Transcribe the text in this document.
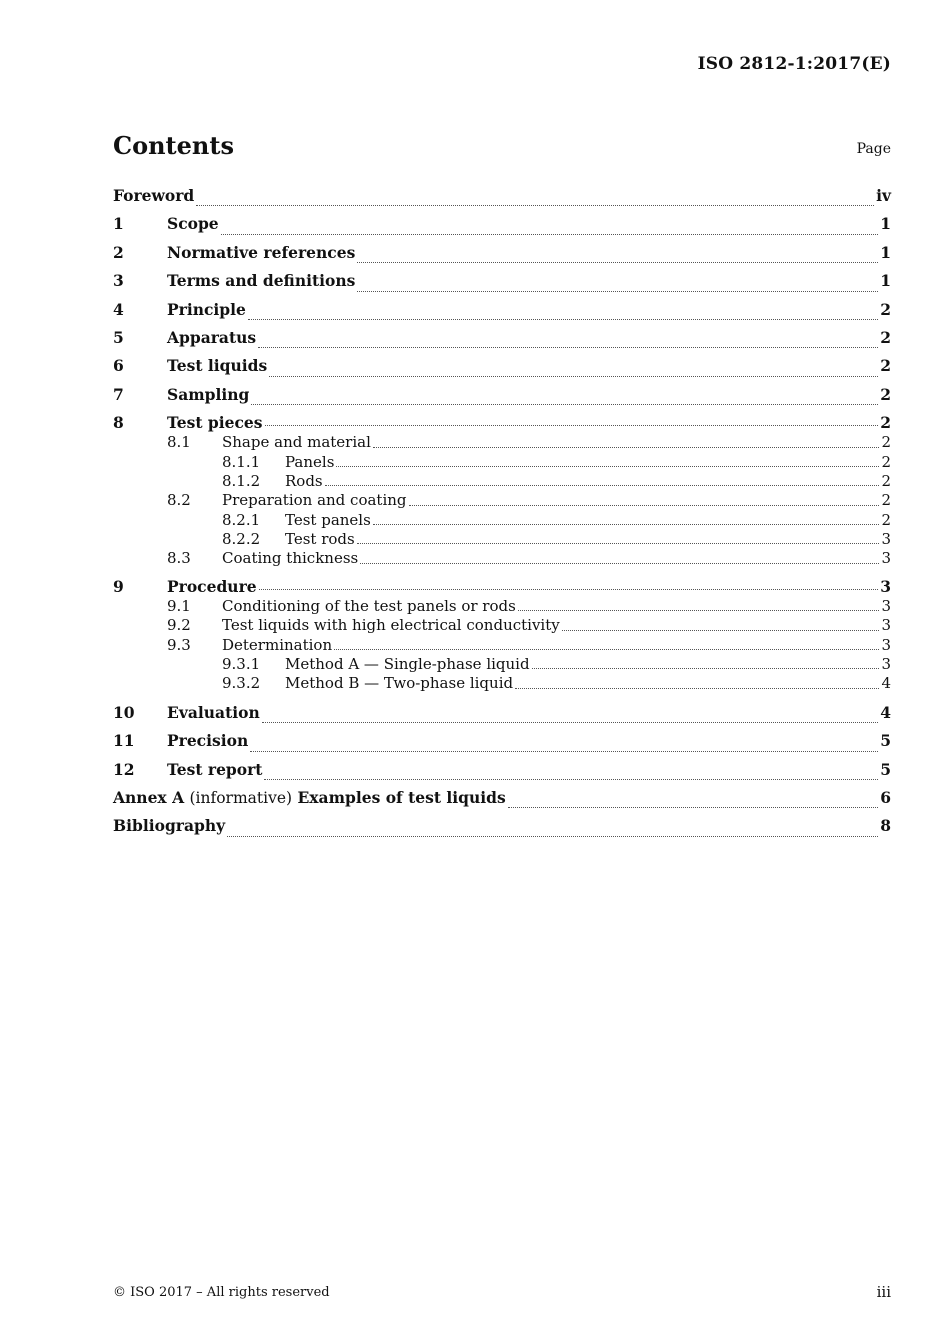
ISO 2812-1:2017(E)
Contents	Page
Foreword	iv
1	Scope	1
2	Normative references	1
3	Terms and definitions	1
4	Principle	2
5	Apparatus	2
6	Test liquids	2
7	Sampling	2
8	Test pieces	2
8.1	Shape and material	2
8.1.1	Panels	2
8.1.2	Rods	2
8.2	Preparation and coating	2
8.2.1	Test panels	2
8.2.2	Test rods	3
8.3	Coating thickness	3
9	Procedure	3
9.1	Conditioning of the test panels or rods	3
9.2	Test liquids with high electrical conductivity	3
9.3	Determination	3
9.3.1	Method A — Single-phase liquid	3
9.3.2	Method B — Two-phase liquid	4
10	Evaluation	4
11	Precision	5
12	Test report	5
Annex A (informative) Examples of test liquids	6
Bibliography	8
© ISO 2017 – All rights reserved	iii
